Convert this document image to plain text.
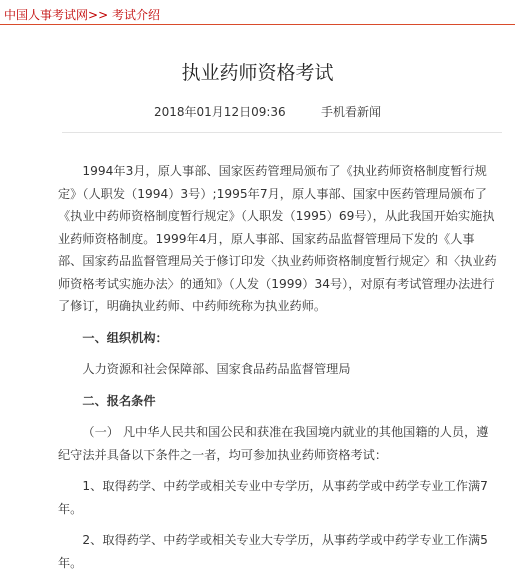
中国人事考试网>> 考试介绍
执业药师资格考试
2018年01月12日09:36	手机看新闻

1994年3月，原人事部、国家医药管理局颁布了《执业药师资格制度暂行规定》（人职发（1994）3号）;1995年7月，原人事部、国家中医药管理局颁布了《执业中药师资格制度暂行规定》（人职发（1995）69号），从此我国开始实施执业药师资格制度。1999年4月，原人事部、国家药品监督管理局下发的《人事部、国家药品监督管理局关于修订印发〈执业药师资格制度暂行规定〉和〈执业药师资格考试实施办法〉的通知》（人发（1999）34号），对原有考试管理办法进行了修订，明确执业药师、中药师统称为执业药师。

一、组织机构：

人力资源和社会保障部、国家食品药品监督管理局

二、报名条件

（一） 凡中华人民共和国公民和获准在我国境内就业的其他国籍的人员，遵纪守法并具备以下条件之一者，均可参加执业药师资格考试：

1、取得药学、中药学或相关专业中专学历，从事药学或中药学专业工作满7年。

2、取得药学、中药学或相关专业大专学历，从事药学或中药学专业工作满5年。
